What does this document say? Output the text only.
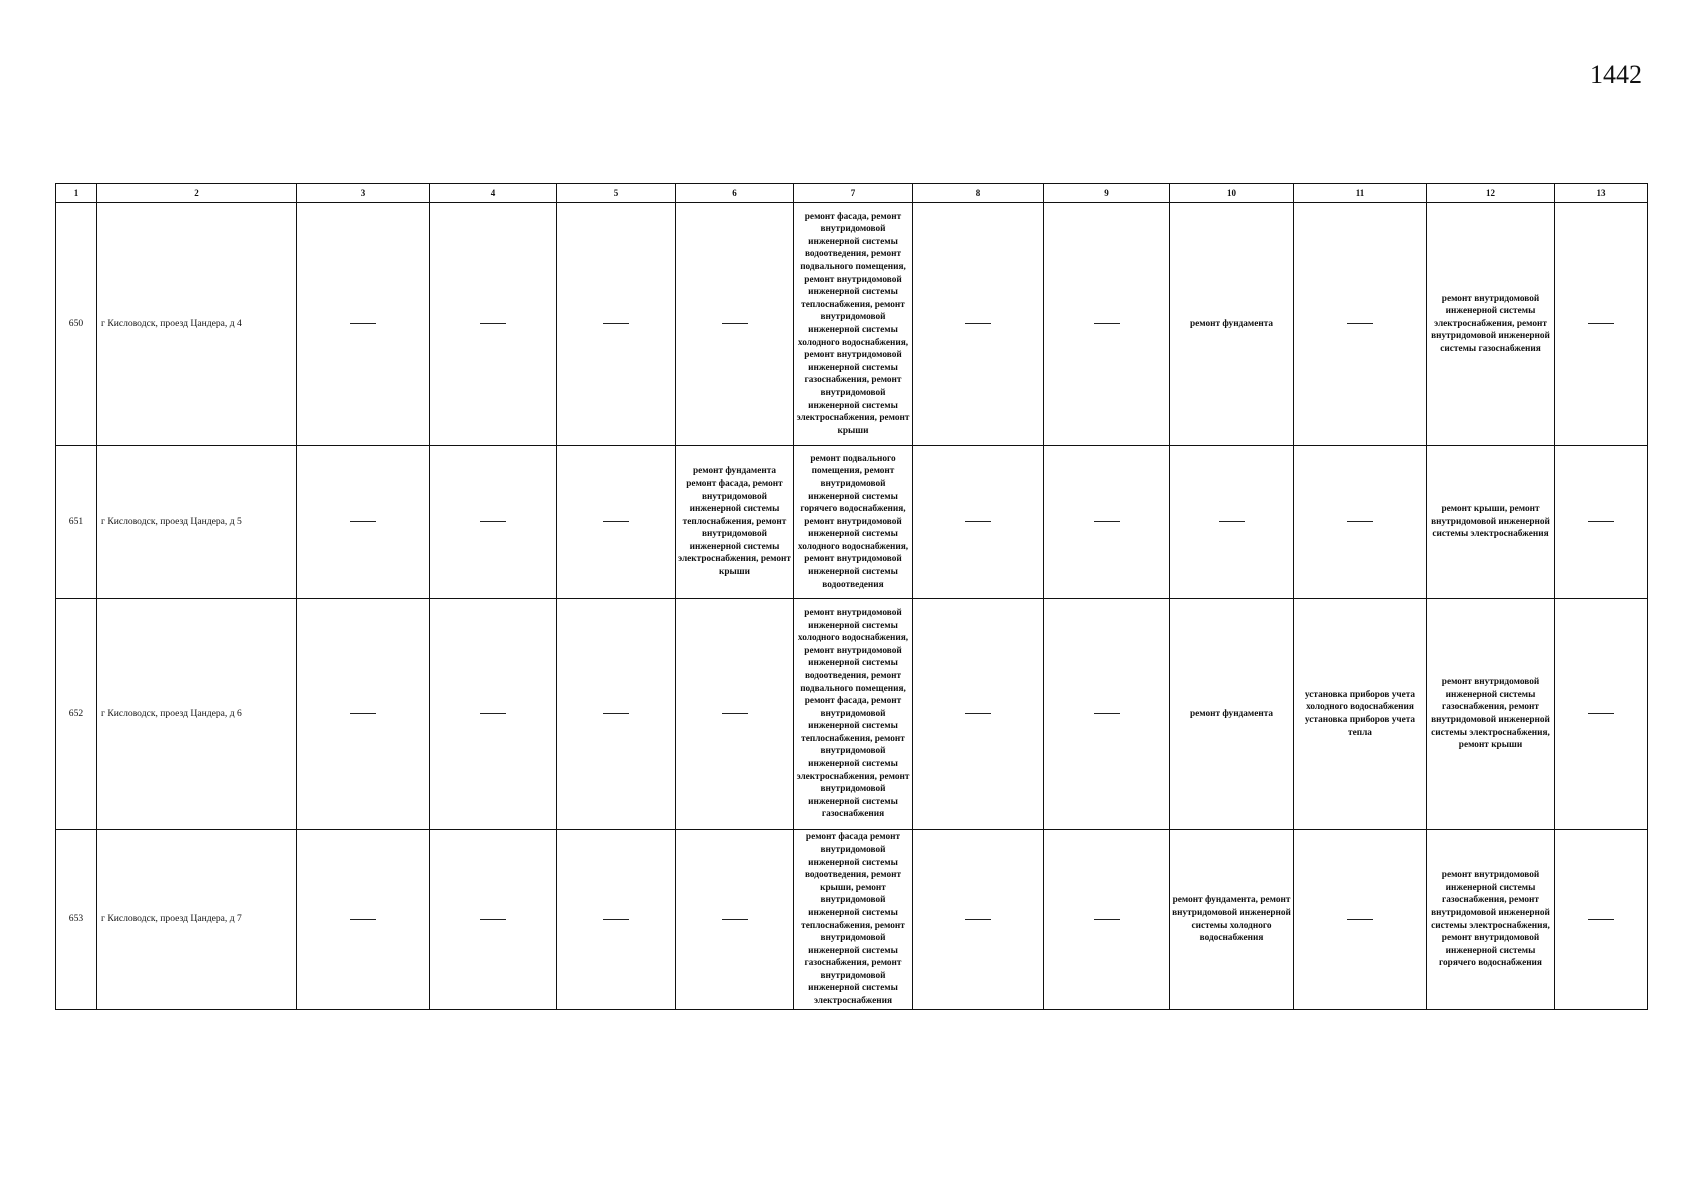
1442
1	2	3	4	5	6	7	8	9	10	11	12	13
650	г Кисловодск, проезд Цандера, д 4					ремонт фасада, ремонт внутридомовой инженерной системы водоотведения, ремонт подвального помещения, ремонт внутридомовой инженерной системы теплоснабжения, ремонт внутридомовой инженерной системы холодного водоснабжения, ремонт внутридомовой инженерной системы газоснабжения, ремонт внутридомовой инженерной системы электроснабжения, ремонт крыши			ремонт фундамента		ремонт внутридомовой инженерной системы электроснабжения, ремонт внутридомовой инженерной системы газоснабжения	
651	г Кисловодск, проезд Цандера, д 5				ремонт фундамента ремонт фасада, ремонт внутридомовой инженерной системы теплоснабжения, ремонт внутридомовой инженерной системы электроснабжения, ремонт крыши	ремонт подвального помещения, ремонт внутридомовой инженерной системы горячего водоснабжения, ремонт внутридомовой инженерной системы холодного водоснабжения, ремонт внутридомовой инженерной системы водоотведения					ремонт крыши, ремонт внутридомовой инженерной системы электроснабжения	
652	г Кисловодск, проезд Цандера, д 6					ремонт внутридомовой инженерной системы холодного водоснабжения, ремонт внутридомовой инженерной системы водоотведения, ремонт подвального помещения, ремонт фасада, ремонт внутридомовой инженерной системы теплоснабжения, ремонт внутридомовой инженерной системы электроснабжения, ремонт внутридомовой инженерной системы газоснабжения			ремонт фундамента	установка приборов учета холодного водоснабжения установка приборов учета тепла	ремонт внутридомовой инженерной системы газоснабжения, ремонт внутридомовой инженерной системы электроснабжения, ремонт крыши	
653	г Кисловодск, проезд Цандера, д 7					ремонт фасада ремонт внутридомовой инженерной системы водоотведения, ремонт крыши, ремонт внутридомовой инженерной системы теплоснабжения, ремонт внутридомовой инженерной системы газоснабжения, ремонт внутридомовой инженерной системы электроснабжения			ремонт фундамента, ремонт внутридомовой инженерной системы холодного водоснабжения		ремонт внутридомовой инженерной системы газоснабжения, ремонт внутридомовой инженерной системы электроснабжения, ремонт внутридомовой инженерной системы горячего водоснабжения	
